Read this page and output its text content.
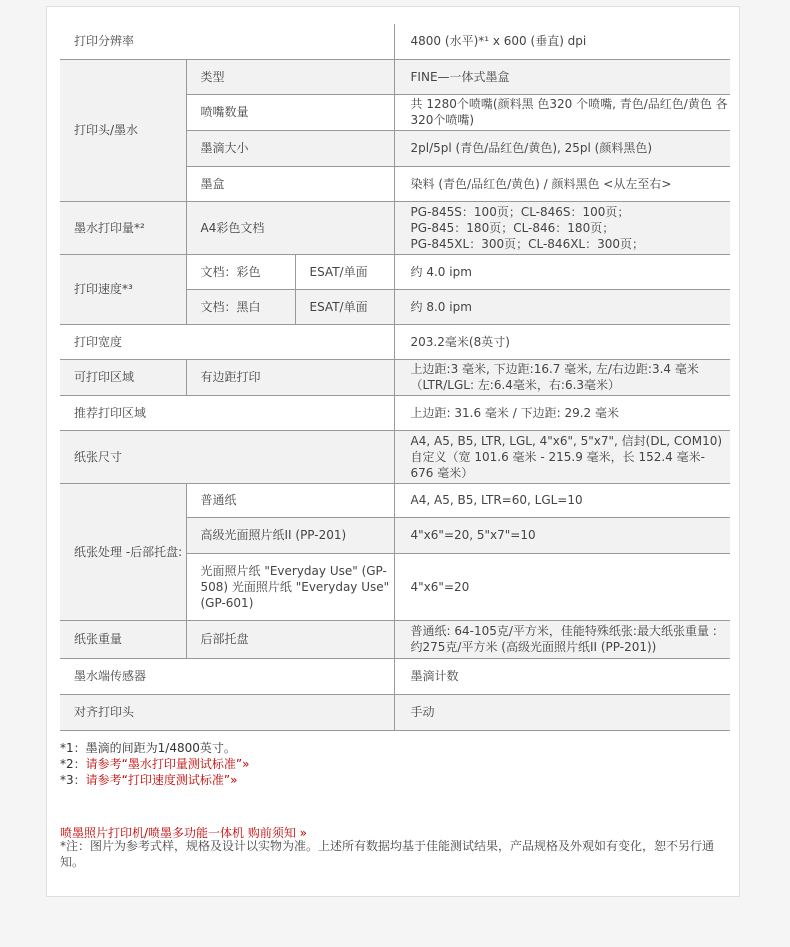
打印分辨率			4800 (水平)*¹ x 600 (垂直) dpi
打印头/墨水	类型		FINE—一体式墨盒
	喷嘴数量		共 1280个喷嘴(颜料黑 色320 个喷嘴, 青色/品红色/黄色 各320个喷嘴)
	墨滴大小		2pl/5pl (青色/品红色/黄色), 25pl (颜料黑色)
	墨盒		染料 (青色/品红色/黄色) / 颜料黑色 <从左至右>
墨水打印量*²	A4彩色文档		PG-845S：100页；CL-846S：100页；
PG-845：180页；CL-846：180页；
PG-845XL：300页；CL-846XL：300页；

打印速度*³	文档：彩色	ESAT/单面	约 4.0 ipm
	文档：黑白	ESAT/单面	约 8.0 ipm
打印宽度			203.2毫米(8英寸)
可打印区域	有边距打印		上边距:3 毫米, 下边距:16.7 毫米, 左/右边距:3.4 毫米（LTR/LGL: 左:6.4毫米，右:6.3毫米）
推荐打印区域			上边距: 31.6 毫米 / 下边距: 29.2 毫米
纸张尺寸			A4, A5, B5, LTR, LGL, 4"x6", 5"x7", 信封(DL, COM10) 自定义（宽 101.6 毫米 - 215.9 毫米，长 152.4 毫米- 676 毫米）
纸张处理 -后部托盘:	普通纸		A4, A5, B5, LTR=60, LGL=10
	高级光面照片纸II (PP-201)		4"x6"=20, 5"x7"=10
	光面照片纸 "Everyday Use" (GP-508) 光面照片纸 "Everyday Use" (GP-601)		4"x6"=20
纸张重量	后部托盘		普通纸: 64-105克/平方米，佳能特殊纸张:最大纸张重量 : 约275克/平方米 (高级光面照片纸II (PP-201))
墨水端传感器			墨滴计数
对齐打印头			手动
*1：墨滴的间距为1/4800英寸。
*2：请参考“墨水打印量测试标准”»
*3：请参考“打印速度测试标准”»
喷墨照片打印机/喷墨多功能一体机 购前须知 »
*注：图片为参考式样，规格及设计以实物为准。上述所有数据均基于佳能测试结果，产品规格及外观如有变化，恕不另行通知。
